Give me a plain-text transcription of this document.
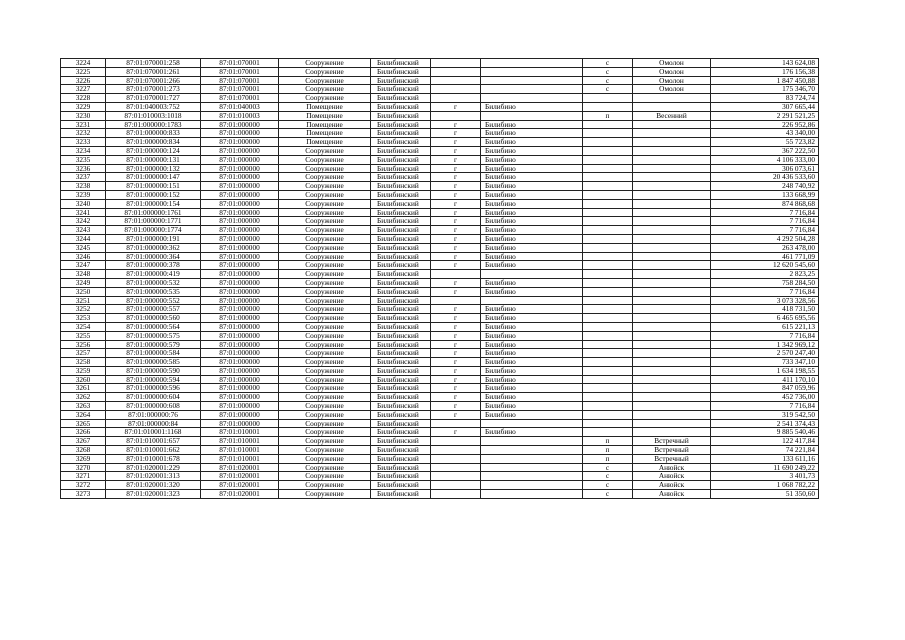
3224	87:01:070001:258	87:01:070001	Сооружение	Билибинский			с	Омолон	143 624,08
3225	87:01:070001:261	87:01:070001	Сооружение	Билибинский			с	Омолон	176 156,38
3226	87:01:070001:266	87:01:070001	Сооружение	Билибинский			с	Омолон	1 847 450,88
3227	87:01:070001:273	87:01:070001	Сооружение	Билибинский			с	Омолон	175 346,70
3228	87:01:070001:727	87:01:070001	Сооружение	Билибинский					83 724,74
3229	87:01:040003:752	87:01:040003	Помещение	Билибинский	г	Билибино			307 665,44
3230	87:01:010003:1018	87:01:010003	Помещение	Билибинский			п	Весенний	2 291 521,25
3231	87:01:000000:1783	87:01:000000	Помещение	Билибинский	г	Билибино			226 952,86
3232	87:01:000000:833	87:01:000000	Помещение	Билибинский	г	Билибино			43 340,00
3233	87:01:000000:834	87:01:000000	Помещение	Билибинский	г	Билибино			55 723,82
3234	87:01:000000:124	87:01:000000	Сооружение	Билибинский	г	Билибино			367 222,50
3235	87:01:000000:131	87:01:000000	Сооружение	Билибинский	г	Билибино			4 106 333,00
3236	87:01:000000:132	87:01:000000	Сооружение	Билибинский	г	Билибино			306 073,61
3237	87:01:000000:147	87:01:000000	Сооружение	Билибинский	г	Билибино			20 436 533,60
3238	87:01:000000:151	87:01:000000	Сооружение	Билибинский	г	Билибино			248 740,92
3239	87:01:000000:152	87:01:000000	Сооружение	Билибинский	г	Билибино			133 668,99
3240	87:01:000000:154	87:01:000000	Сооружение	Билибинский	г	Билибино			874 868,68
3241	87:01:000000:1761	87:01:000000	Сооружение	Билибинский	г	Билибино			7 716,84
3242	87:01:000000:1771	87:01:000000	Сооружение	Билибинский	г	Билибино			7 716,84
3243	87:01:000000:1774	87:01:000000	Сооружение	Билибинский	г	Билибино			7 716,84
3244	87:01:000000:191	87:01:000000	Сооружение	Билибинский	г	Билибино			4 292 504,28
3245	87:01:000000:362	87:01:000000	Сооружение	Билибинский	г	Билибино			263 478,00
3246	87:01:000000:364	87:01:000000	Сооружение	Билибинский	г	Билибино			461 771,09
3247	87:01:000000:378	87:01:000000	Сооружение	Билибинский	г	Билибино			12 620 545,60
3248	87:01:000000:419	87:01:000000	Сооружение	Билибинский					2 823,25
3249	87:01:000000:532	87:01:000000	Сооружение	Билибинский	г	Билибино			758 284,50
3250	87:01:000000:535	87:01:000000	Сооружение	Билибинский	г	Билибино			7 716,84
3251	87:01:000000:552	87:01:000000	Сооружение	Билибинский					3 073 328,56
3252	87:01:000000:557	87:01:000000	Сооружение	Билибинский	г	Билибино			418 731,50
3253	87:01:000000:560	87:01:000000	Сооружение	Билибинский	г	Билибино			6 465 695,56
3254	87:01:000000:564	87:01:000000	Сооружение	Билибинский	г	Билибино			615 221,13
3255	87:01:000000:575	87:01:000000	Сооружение	Билибинский	г	Билибино			7 716,84
3256	87:01:000000:579	87:01:000000	Сооружение	Билибинский	г	Билибино			1 342 969,12
3257	87:01:000000:584	87:01:000000	Сооружение	Билибинский	г	Билибино			2 570 247,40
3258	87:01:000000:585	87:01:000000	Сооружение	Билибинский	г	Билибино			733 347,10
3259	87:01:000000:590	87:01:000000	Сооружение	Билибинский	г	Билибино			1 634 198,55
3260	87:01:000000:594	87:01:000000	Сооружение	Билибинский	г	Билибино			411 170,10
3261	87:01:000000:596	87:01:000000	Сооружение	Билибинский	г	Билибино			847 059,96
3262	87:01:000000:604	87:01:000000	Сооружение	Билибинский	г	Билибино			452 736,00
3263	87:01:000000:608	87:01:000000	Сооружение	Билибинский	г	Билибино			7 716,84
3264	87:01:000000:76	87:01:000000	Сооружение	Билибинский	г	Билибино			319 542,50
3265	87:01:000000:84	87:01:000000	Сооружение	Билибинский					2 541 374,43
3266	87:01:010001:1168	87:01:010001	Сооружение	Билибинский	г	Билибино			9 885 540,46
3267	87:01:010001:657	87:01:010001	Сооружение	Билибинский			п	Встречный	122 417,84
3268	87:01:010001:662	87:01:010001	Сооружение	Билибинский			п	Встречный	74 221,84
3269	87:01:010001:678	87:01:010001	Сооружение	Билибинский			п	Встречный	133 611,16
3270	87:01:020001:229	87:01:020001	Сооружение	Билибинский			с	Анюйск	11 690 249,22
3271	87:01:020001:313	87:01:020001	Сооружение	Билибинский			с	Анюйск	3 401,73
3272	87:01:020001:320	87:01:020001	Сооружение	Билибинский			с	Анюйск	1 068 782,22
3273	87:01:020001:323	87:01:020001	Сооружение	Билибинский			с	Анюйск	51 350,60
